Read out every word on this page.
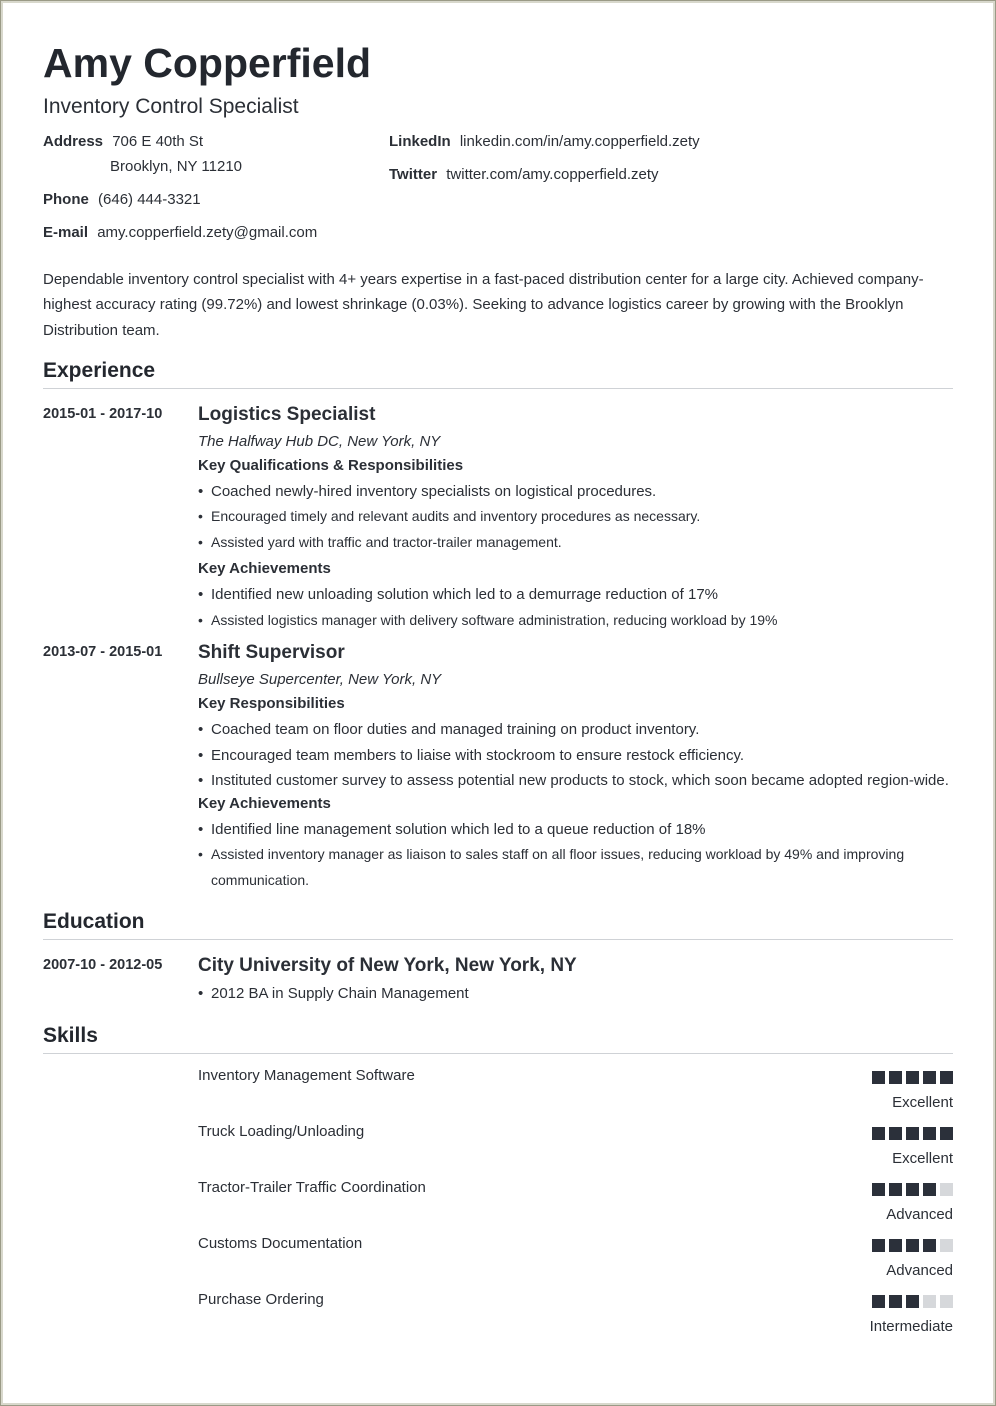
Amy Copperfield
Inventory Control Specialist
Address 706 E 40th St
Brooklyn, NY 11210
Phone (646) 444-3321
E-mail amy.copperfield.zety@gmail.com
LinkedIn linkedin.com/in/amy.copperfield.zety
Twitter twitter.com/amy.copperfield.zety

Dependable inventory control specialist with 4+ years expertise in a fast-paced distribution center for a large city. Achieved company-highest accuracy rating (99.72%) and lowest shrinkage (0.03%). Seeking to advance logistics career by growing with the Brooklyn Distribution team.

Experience
2015-01 - 2017-10	Logistics Specialist
The Halfway Hub DC, New York, NY
Key Qualifications & Responsibilities
• Coached newly-hired inventory specialists on logistical procedures.
• Encouraged timely and relevant audits and inventory procedures as necessary.
• Assisted yard with traffic and tractor-trailer management.
Key Achievements
• Identified new unloading solution which led to a demurrage reduction of 17%
• Assisted logistics manager with delivery software administration, reducing workload by 19%
2013-07 - 2015-01	Shift Supervisor
Bullseye Supercenter, New York, NY
Key Responsibilities
• Coached team on floor duties and managed training on product inventory.
• Encouraged team members to liaise with stockroom to ensure restock efficiency.
• Instituted customer survey to assess potential new products to stock, which soon became adopted region-wide.
Key Achievements
• Identified line management solution which led to a queue reduction of 18%
• Assisted inventory manager as liaison to sales staff on all floor issues, reducing workload by 49% and improving communication.
Education
2007-10 - 2012-05	City University of New York, New York, NY
• 2012 BA in Supply Chain Management
Skills
Inventory Management Software
Excellent
Truck Loading/Unloading
Excellent
Tractor-Trailer Traffic Coordination
Advanced
Customs Documentation
Advanced
Purchase Ordering
Intermediate
